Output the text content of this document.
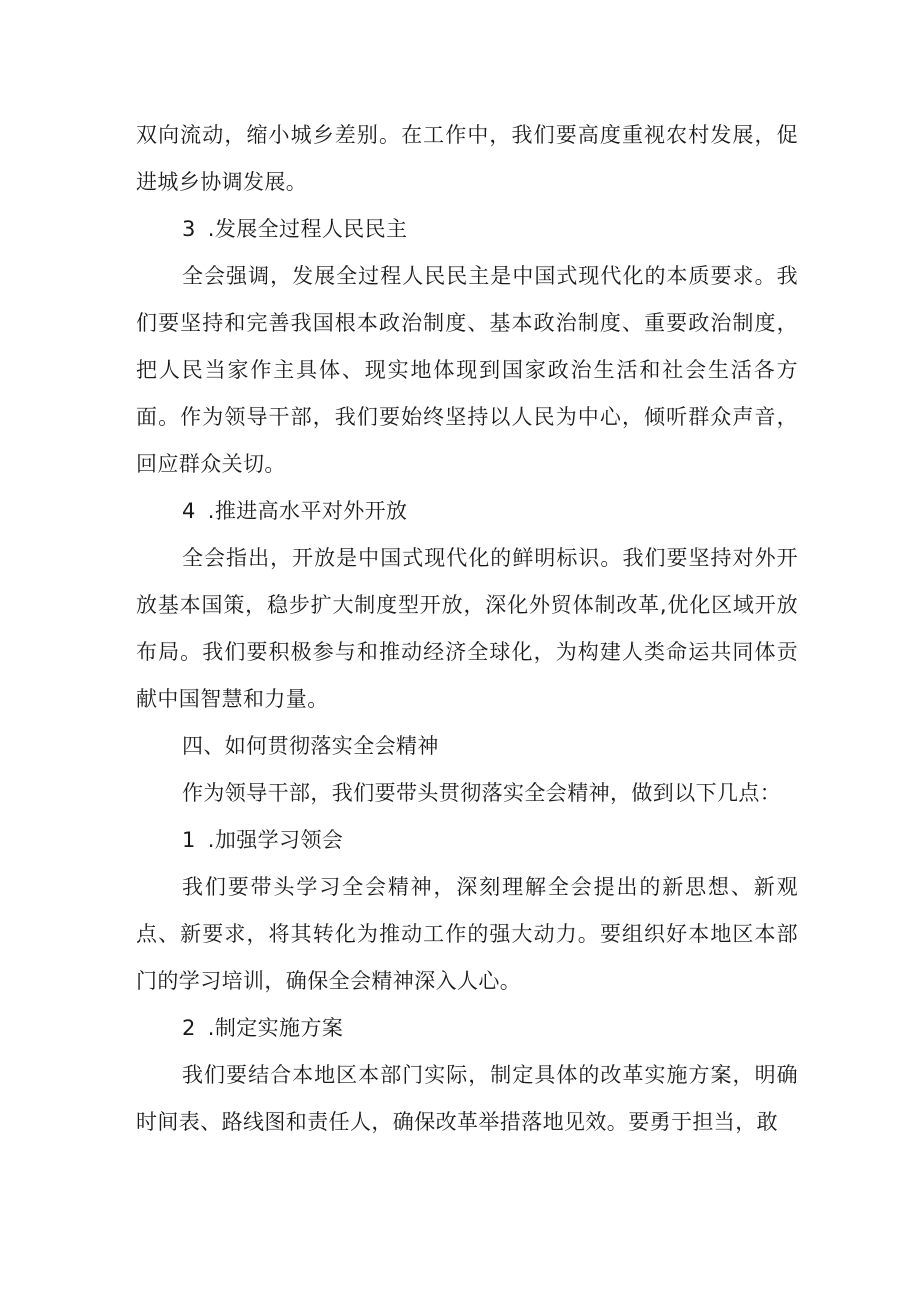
双向流动，缩小城乡差别。在工作中，我们要高度重视农村发展，促进城乡协调发展。

3 .发展全过程人民民主

全会强调，发展全过程人民民主是中国式现代化的本质要求。我们要坚持和完善我国根本政治制度、基本政治制度、重要政治制度，把人民当家作主具体、现实地体现到国家政治生活和社会生活各方面。作为领导干部，我们要始终坚持以人民为中心，倾听群众声音，回应群众关切。

4 .推进高水平对外开放

全会指出，开放是中国式现代化的鲜明标识。我们要坚持对外开放基本国策，稳步扩大制度型开放，深化外贸体制改革,优化区域开放布局。我们要积极参与和推动经济全球化，为构建人类命运共同体贡献中国智慧和力量。

四、如何贯彻落实全会精神

作为领导干部，我们要带头贯彻落实全会精神，做到以下几点：

1 .加强学习领会

我们要带头学习全会精神，深刻理解全会提出的新思想、新观点、新要求，将其转化为推动工作的强大动力。要组织好本地区本部门的学习培训，确保全会精神深入人心。

2 .制定实施方案

我们要结合本地区本部门实际，制定具体的改革实施方案，明确时间表、路线图和责任人，确保改革举措落地见效。要勇于担当，敢
